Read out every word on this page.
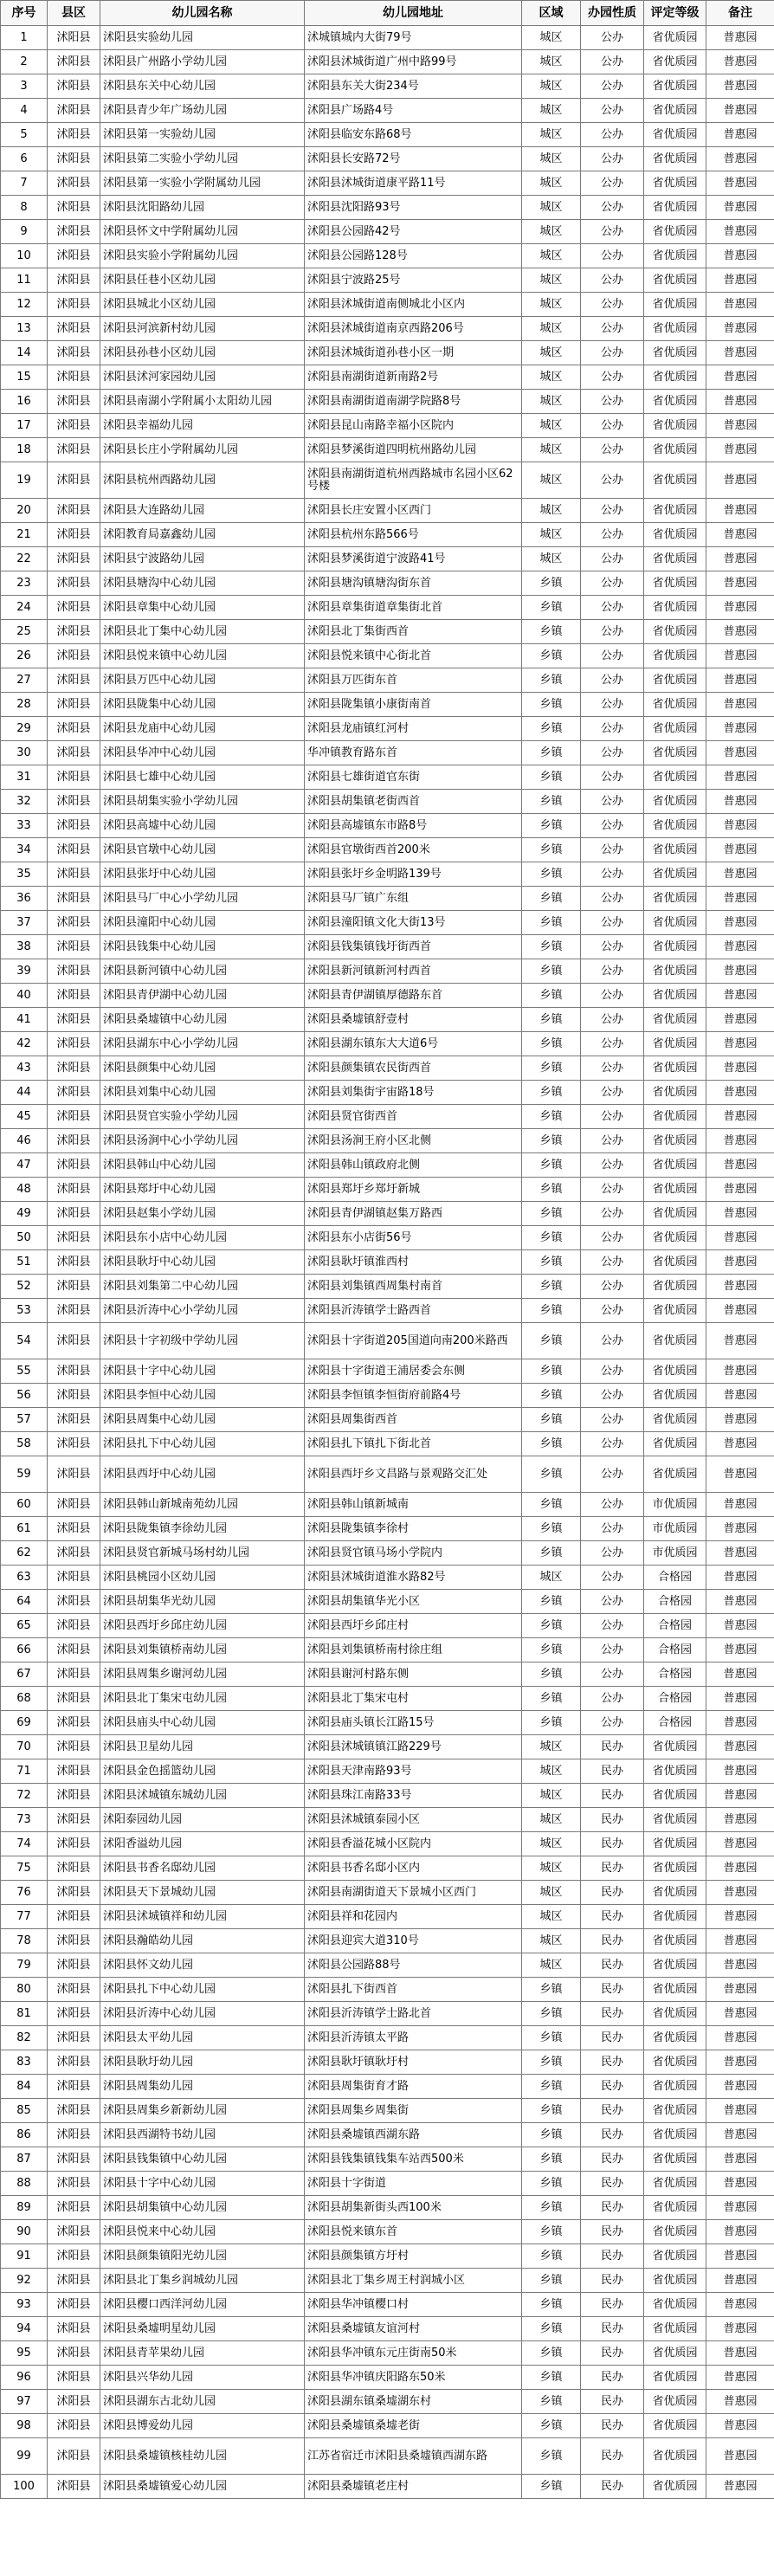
序号	县区	幼儿园名称	幼儿园地址	区域	办园性质	评定等级	备注
1	沭阳县	沭阳县实验幼儿园	沭城镇城内大街79号	城区	公办	省优质园	普惠园
2	沭阳县	沭阳县广州路小学幼儿园	沭阳县沭城街道广州中路99号	城区	公办	省优质园	普惠园
3	沭阳县	沭阳县东关中心幼儿园	沭阳县东关大街234号	城区	公办	省优质园	普惠园
4	沭阳县	沭阳县青少年广场幼儿园	沭阳县广场路4号	城区	公办	省优质园	普惠园
5	沭阳县	沭阳县第一实验幼儿园	沭阳县临安东路68号	城区	公办	省优质园	普惠园
6	沭阳县	沭阳县第二实验小学幼儿园	沭阳县长安路72号	城区	公办	省优质园	普惠园
7	沭阳县	沭阳县第一实验小学附属幼儿园	沭阳县沭城街道康平路11号	城区	公办	省优质园	普惠园
8	沭阳县	沭阳县沈阳路幼儿园	沭阳县沈阳路93号	城区	公办	省优质园	普惠园
9	沭阳县	沭阳县怀文中学附属幼儿园	沭阳县公园路42号	城区	公办	省优质园	普惠园
10	沭阳县	沭阳县实验小学附属幼儿园	沭阳县公园路128号	城区	公办	省优质园	普惠园
11	沭阳县	沭阳县任巷小区幼儿园	沭阳县宁波路25号	城区	公办	省优质园	普惠园
12	沭阳县	沭阳县城北小区幼儿园	沭阳县沭城街道南侧城北小区内	城区	公办	省优质园	普惠园
13	沭阳县	沭阳县河滨新村幼儿园	沭阳县沭城街道南京西路206号	城区	公办	省优质园	普惠园
14	沭阳县	沭阳县孙巷小区幼儿园	沭阳县沭城街道孙巷小区一期	城区	公办	省优质园	普惠园
15	沭阳县	沭阳县沭河家园幼儿园	沭阳县南湖街道新南路2号	城区	公办	省优质园	普惠园
16	沭阳县	沭阳县南湖小学附属小太阳幼儿园	沭阳县南湖街道南湖学院路8号	城区	公办	省优质园	普惠园
17	沭阳县	沭阳县幸福幼儿园	沭阳县昆山南路幸福小区院内	城区	公办	省优质园	普惠园
18	沭阳县	沭阳县长庄小学附属幼儿园	沭阳县梦溪街道四明杭州路幼儿园	城区	公办	省优质园	普惠园
19	沭阳县	沭阳县杭州西路幼儿园	沭阳县南湖街道杭州西路城市名园小区62号楼	城区	公办	省优质园	普惠园
20	沭阳县	沭阳县大连路幼儿园	沭阳县长庄安置小区西门	城区	公办	省优质园	普惠园
21	沭阳县	沭阳教育局嘉鑫幼儿园	沭阳县杭州东路566号	城区	公办	省优质园	普惠园
22	沭阳县	沭阳县宁波路幼儿园	沭阳县梦溪街道宁波路41号	城区	公办	省优质园	普惠园
23	沭阳县	沭阳县塘沟中心幼儿园	沭阳县塘沟镇塘沟街东首	乡镇	公办	省优质园	普惠园
24	沭阳县	沭阳县章集中心幼儿园	沭阳县章集街道章集街北首	乡镇	公办	省优质园	普惠园
25	沭阳县	沭阳县北丁集中心幼儿园	沭阳县北丁集街西首	乡镇	公办	省优质园	普惠园
26	沭阳县	沭阳县悦来镇中心幼儿园	沭阳县悦来镇中心街北首	乡镇	公办	省优质园	普惠园
27	沭阳县	沭阳县万匹中心幼儿园	沭阳县万匹街东首	乡镇	公办	省优质园	普惠园
28	沭阳县	沭阳县陇集中心幼儿园	沭阳县陇集镇小康街南首	乡镇	公办	省优质园	普惠园
29	沭阳县	沭阳县龙庙中心幼儿园	沭阳县龙庙镇红河村	乡镇	公办	省优质园	普惠园
30	沭阳县	沭阳县华冲中心幼儿园	华冲镇教育路东首	乡镇	公办	省优质园	普惠园
31	沭阳县	沭阳县七雄中心幼儿园	沭阳县七雄街道官东街	乡镇	公办	省优质园	普惠园
32	沭阳县	沭阳县胡集实验小学幼儿园	沭阳县胡集镇老街西首	乡镇	公办	省优质园	普惠园
33	沭阳县	沭阳县高墟中心幼儿园	沭阳县高墟镇东市路8号	乡镇	公办	省优质园	普惠园
34	沭阳县	沭阳县官墩中心幼儿园	沭阳县官墩街西首200米	乡镇	公办	省优质园	普惠园
35	沭阳县	沭阳县张圩中心幼儿园	沭阳县张圩乡金明路139号	乡镇	公办	省优质园	普惠园
36	沭阳县	沭阳县马厂中心小学幼儿园	沭阳县马厂镇广东组	乡镇	公办	省优质园	普惠园
37	沭阳县	沭阳县潼阳中心幼儿园	沭阳县潼阳镇文化大街13号	乡镇	公办	省优质园	普惠园
38	沭阳县	沭阳县钱集中心幼儿园	沭阳县钱集镇钱圩街西首	乡镇	公办	省优质园	普惠园
39	沭阳县	沭阳县新河镇中心幼儿园	沭阳县新河镇新河村西首	乡镇	公办	省优质园	普惠园
40	沭阳县	沭阳县青伊湖中心幼儿园	沭阳县青伊湖镇厚德路东首	乡镇	公办	省优质园	普惠园
41	沭阳县	沭阳县桑墟镇中心幼儿园	沭阳县桑墟镇舒壹村	乡镇	公办	省优质园	普惠园
42	沭阳县	沭阳县湖东中心小学幼儿园	沭阳县湖东镇东大大道6号	乡镇	公办	省优质园	普惠园
43	沭阳县	沭阳县颜集中心幼儿园	沭阳县颜集镇农民街西首	乡镇	公办	省优质园	普惠园
44	沭阳县	沭阳县刘集中心幼儿园	沭阳县刘集街宇宙路18号	乡镇	公办	省优质园	普惠园
45	沭阳县	沭阳县贤官实验小学幼儿园	沭阳县贤官街西首	乡镇	公办	省优质园	普惠园
46	沭阳县	沭阳县汤涧中心小学幼儿园	沭阳县汤涧王府小区北侧	乡镇	公办	省优质园	普惠园
47	沭阳县	沭阳县韩山中心幼儿园	沭阳县韩山镇政府北侧	乡镇	公办	省优质园	普惠园
48	沭阳县	沭阳县郑圩中心幼儿园	沭阳县郑圩乡郑圩新城	乡镇	公办	省优质园	普惠园
49	沭阳县	沭阳县赵集小学幼儿园	沭阳县青伊湖镇赵集万路西	乡镇	公办	省优质园	普惠园
50	沭阳县	沭阳县东小店中心幼儿园	沭阳县东小店街56号	乡镇	公办	省优质园	普惠园
51	沭阳县	沭阳县耿圩中心幼儿园	沭阳县耿圩镇淮西村	乡镇	公办	省优质园	普惠园
52	沭阳县	沭阳县刘集第二中心幼儿园	沭阳县刘集镇西周集村南首	乡镇	公办	省优质园	普惠园
53	沭阳县	沭阳县沂涛中心小学幼儿园	沭阳县沂涛镇学士路西首	乡镇	公办	省优质园	普惠园
54	沭阳县	沭阳县十字初级中学幼儿园	沭阳县十字街道205国道向南200米路西	乡镇	公办	省优质园	普惠园
55	沭阳县	沭阳县十字中心幼儿园	沭阳县十字街道王浦居委会东侧	乡镇	公办	省优质园	普惠园
56	沭阳县	沭阳县李恒中心幼儿园	沭阳县李恒镇李恒街府前路4号	乡镇	公办	省优质园	普惠园
57	沭阳县	沭阳县周集中心幼儿园	沭阳县周集街西首	乡镇	公办	省优质园	普惠园
58	沭阳县	沭阳县扎下中心幼儿园	沭阳县扎下镇扎下街北首	乡镇	公办	省优质园	普惠园
59	沭阳县	沭阳县西圩中心幼儿园	沭阳县西圩乡文昌路与景观路交汇处	乡镇	公办	省优质园	普惠园
60	沭阳县	沭阳县韩山新城南苑幼儿园	沭阳县韩山镇新城南	乡镇	公办	市优质园	普惠园
61	沭阳县	沭阳县陇集镇李徐幼儿园	沭阳县陇集镇李徐村	乡镇	公办	市优质园	普惠园
62	沭阳县	沭阳县贤官新城马场村幼儿园	沭阳县贤官镇马场小学院内	乡镇	公办	市优质园	普惠园
63	沭阳县	沭阳县桃园小区幼儿园	沭阳县沭城街道淮水路82号	城区	公办	合格园	普惠园
64	沭阳县	沭阳县胡集华光幼儿园	沭阳县胡集镇华光小区	乡镇	公办	合格园	普惠园
65	沭阳县	沭阳县西圩乡邱庄幼儿园	沭阳县西圩乡邱庄村	乡镇	公办	合格园	普惠园
66	沭阳县	沭阳县刘集镇桥南幼儿园	沭阳县刘集镇桥南村徐庄组	乡镇	公办	合格园	普惠园
67	沭阳县	沭阳县周集乡谢河幼儿园	沭阳县谢河村路东侧	乡镇	公办	合格园	普惠园
68	沭阳县	沭阳县北丁集宋屯幼儿园	沭阳县北丁集宋屯村	乡镇	公办	合格园	普惠园
69	沭阳县	沭阳县庙头中心幼儿园	沭阳县庙头镇长江路15号	乡镇	公办	合格园	普惠园
70	沭阳县	沭阳县卫星幼儿园	沭阳县沭城镇镇江路229号	城区	民办	省优质园	普惠园
71	沭阳县	沭阳县金色摇篮幼儿园	沭阳县天津南路93号	城区	民办	省优质园	普惠园
72	沭阳县	沭阳县沭城镇东城幼儿园	沭阳县珠江南路33号	城区	民办	省优质园	普惠园
73	沭阳县	沭阳泰园幼儿园	沭阳县沭城镇泰园小区	城区	民办	省优质园	普惠园
74	沭阳县	沭阳香溢幼儿园	沭阳县香溢花城小区院内	城区	民办	省优质园	普惠园
75	沭阳县	沭阳县书香名邸幼儿园	沭阳县书香名邸小区内	城区	民办	省优质园	普惠园
76	沭阳县	沭阳县天下景城幼儿园	沭阳县南湖街道天下景城小区西门	城区	民办	省优质园	普惠园
77	沭阳县	沭阳县沭城镇祥和幼儿园	沭阳县祥和花园内	城区	民办	省优质园	普惠园
78	沭阳县	沭阳县瀚皓幼儿园	沭阳县迎宾大道310号	城区	民办	省优质园	普惠园
79	沭阳县	沭阳县怀文幼儿园	沭阳县公园路88号	城区	民办	省优质园	普惠园
80	沭阳县	沭阳县扎下中心幼儿园	沭阳县扎下街西首	乡镇	民办	省优质园	普惠园
81	沭阳县	沭阳县沂涛中心幼儿园	沭阳县沂涛镇学士路北首	乡镇	民办	省优质园	普惠园
82	沭阳县	沭阳县太平幼儿园	沭阳县沂涛镇太平路	乡镇	民办	省优质园	普惠园
83	沭阳县	沭阳县耿圩幼儿园	沭阳县耿圩镇耿圩村	乡镇	民办	省优质园	普惠园
84	沭阳县	沭阳县周集幼儿园	沭阳县周集街育才路	乡镇	民办	省优质园	普惠园
85	沭阳县	沭阳县周集乡新新幼儿园	沭阳县周集乡周集街	乡镇	民办	省优质园	普惠园
86	沭阳县	沭阳县西湖特书幼儿园	沭阳县桑墟镇西湖东路	乡镇	民办	省优质园	普惠园
87	沭阳县	沭阳县钱集镇中心幼儿园	沭阳县钱集镇钱集车站西500米	乡镇	民办	省优质园	普惠园
88	沭阳县	沭阳县十字中心幼儿园	沭阳县十字街道	乡镇	民办	省优质园	普惠园
89	沭阳县	沭阳县胡集镇中心幼儿园	沭阳县胡集新街头西100米	乡镇	民办	省优质园	普惠园
90	沭阳县	沭阳县悦来中心幼儿园	沭阳县悦来镇东首	乡镇	民办	省优质园	普惠园
91	沭阳县	沭阳县颜集镇阳光幼儿园	沭阳县颜集镇方圩村	乡镇	民办	省优质园	普惠园
92	沭阳县	沭阳县北丁集乡润城幼儿园	沭阳县北丁集乡周王村润城小区	乡镇	民办	省优质园	普惠园
93	沭阳县	沭阳县樱口西洋河幼儿园	沭阳县华冲镇樱口村	乡镇	民办	省优质园	普惠园
94	沭阳县	沭阳县桑墟明星幼儿园	沭阳县桑墟镇友谊河村	乡镇	民办	省优质园	普惠园
95	沭阳县	沭阳县青苹果幼儿园	沭阳县华冲镇东元庄街南50米	乡镇	民办	省优质园	普惠园
96	沭阳县	沭阳县兴华幼儿园	沭阳县华冲镇庆阳路东50米	乡镇	民办	省优质园	普惠园
97	沭阳县	沭阳县湖东古北幼儿园	沭阳县湖东镇桑墟湖东村	乡镇	民办	省优质园	普惠园
98	沭阳县	沭阳县博爱幼儿园	沭阳县桑墟镇桑墟老街	乡镇	民办	省优质园	普惠园
99	沭阳县	沭阳县桑墟镇核桂幼儿园	江苏省宿迁市沭阳县桑墟镇西湖东路	乡镇	民办	省优质园	普惠园
100	沭阳县	沭阳县桑墟镇爱心幼儿园	沭阳县桑墟镇老庄村	乡镇	民办	省优质园	普惠园
